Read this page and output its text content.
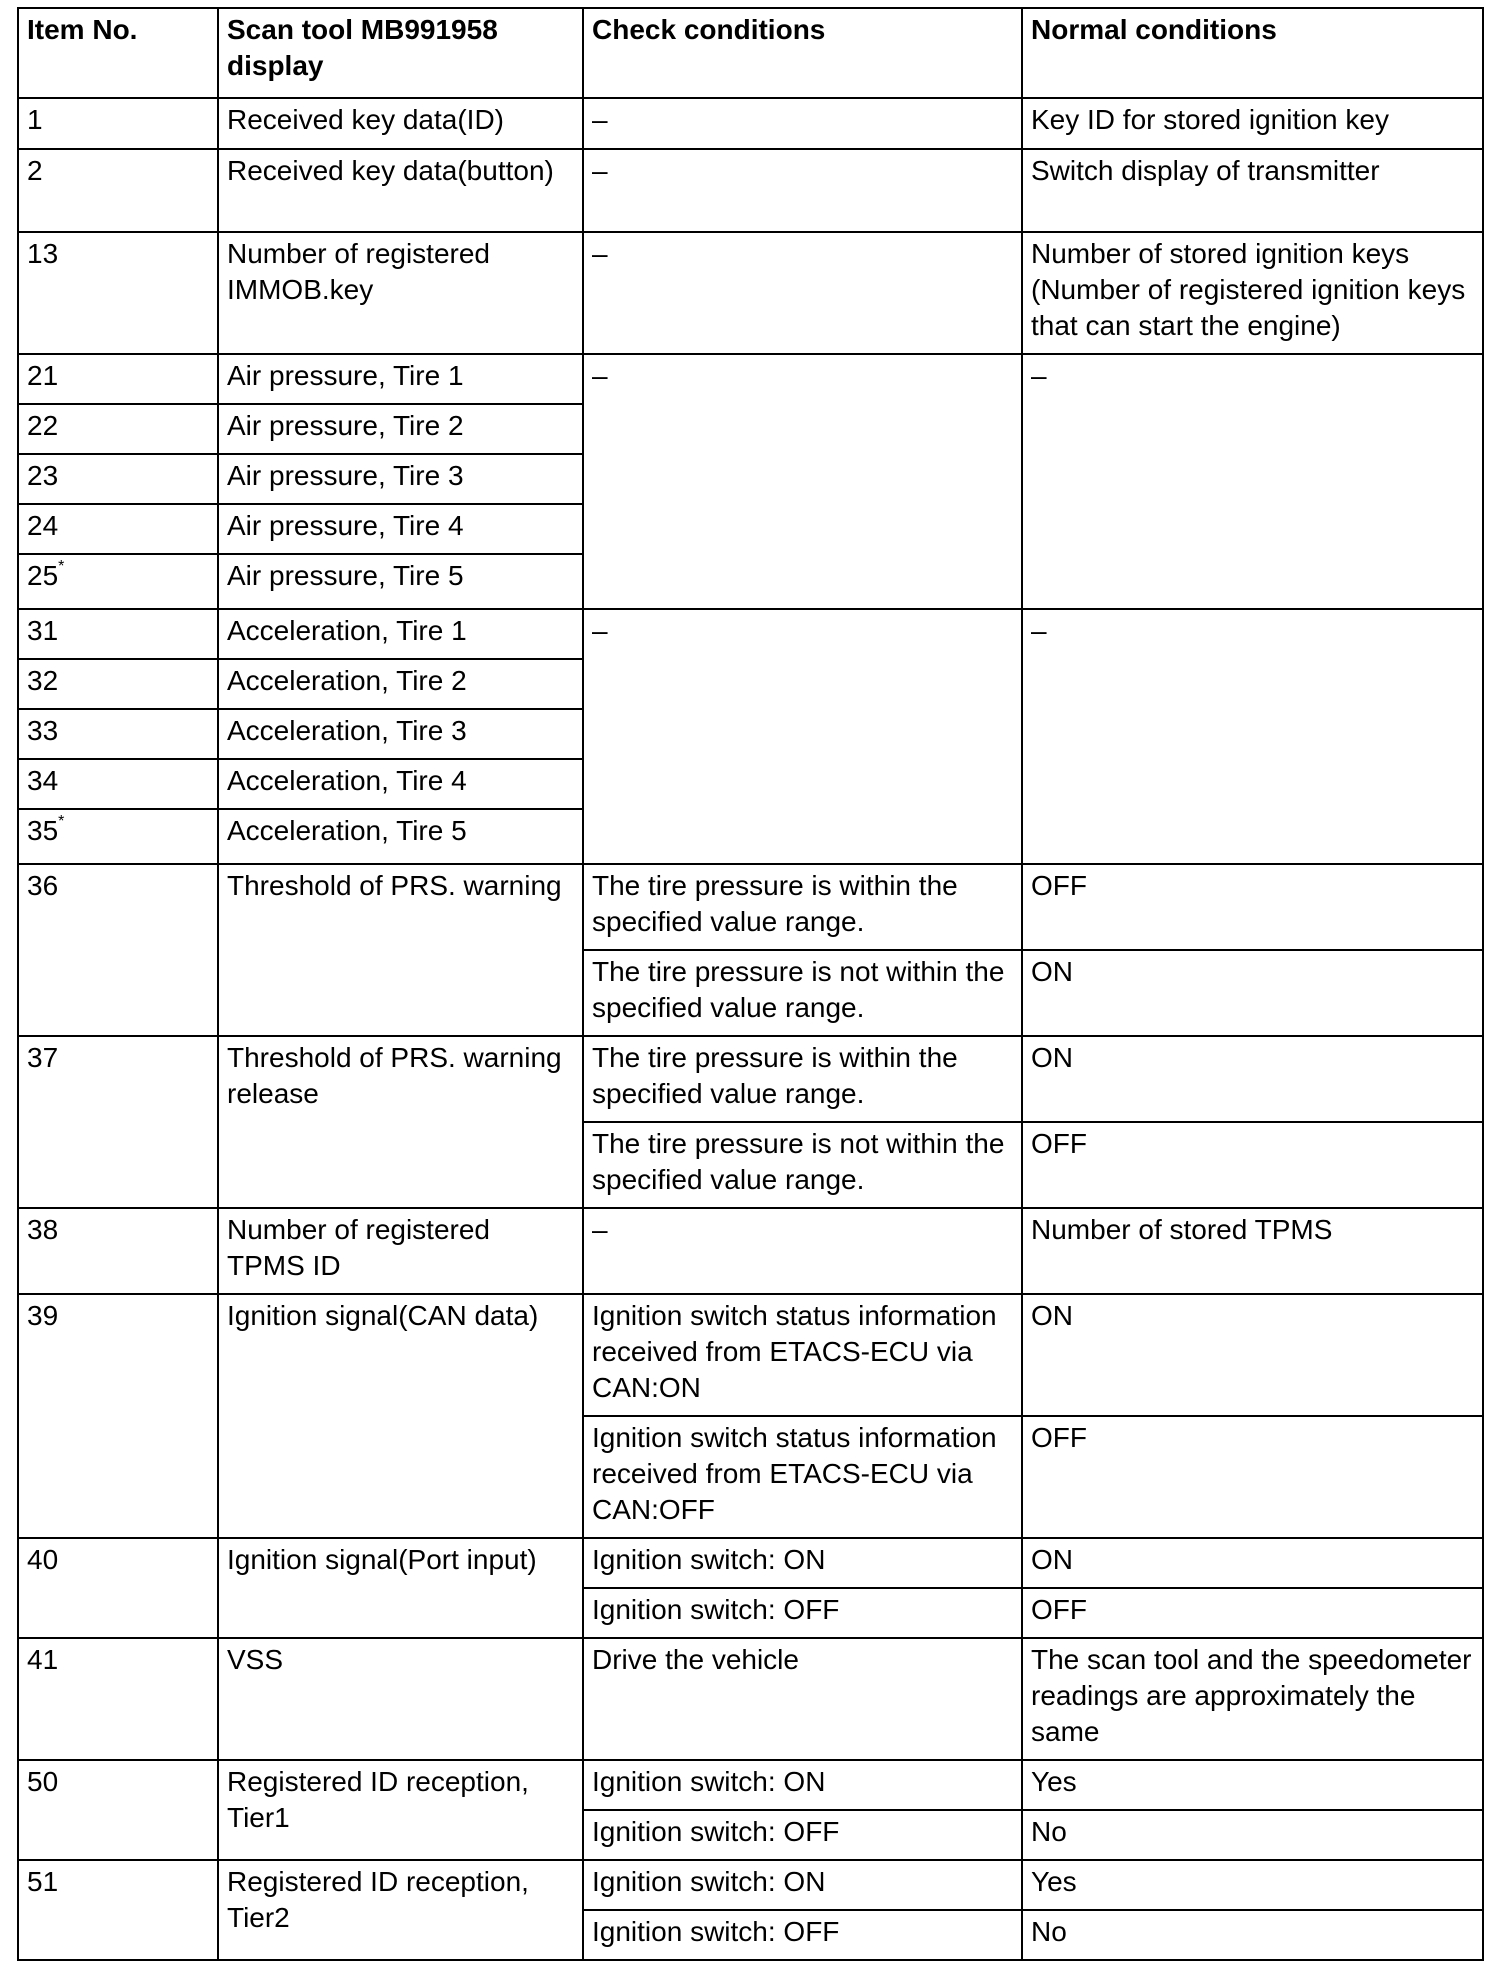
Item No.	Scan tool MB991958 display	Check conditions	Normal conditions
1	Received key data(ID)	–	Key ID for stored ignition key
2	Received key data(button)	–	Switch display of transmitter
13	Number of registered IMMOB.key	–	Number of stored ignition keys (Number of registered ignition keys that can start the engine)
21	Air pressure, Tire 1	–	–
22	Air pressure, Tire 2		
23	Air pressure, Tire 3		
24	Air pressure, Tire 4		
25*	Air pressure, Tire 5		
31	Acceleration, Tire 1	–	–
32	Acceleration, Tire 2		
33	Acceleration, Tire 3		
34	Acceleration, Tire 4		
35*	Acceleration, Tire 5		
36	Threshold of PRS. warning	The tire pressure is within the specified value range.	OFF
		The tire pressure is not within the specified value range.	ON
37	Threshold of PRS. warning release	The tire pressure is within the specified value range.	ON
		The tire pressure is not within the specified value range.	OFF
38	Number of registered TPMS ID	–	Number of stored TPMS
39	Ignition signal(CAN data)	Ignition switch status information received from ETACS-ECU via CAN:ON	ON
		Ignition switch status information received from ETACS-ECU via CAN:OFF	OFF
40	Ignition signal(Port input)	Ignition switch: ON	ON
		Ignition switch: OFF	OFF
41	VSS	Drive the vehicle	The scan tool and the speedometer readings are approximately the same
50	Registered ID reception, Tier1	Ignition switch: ON	Yes
		Ignition switch: OFF	No
51	Registered ID reception, Tier2	Ignition switch: ON	Yes
		Ignition switch: OFF	No
